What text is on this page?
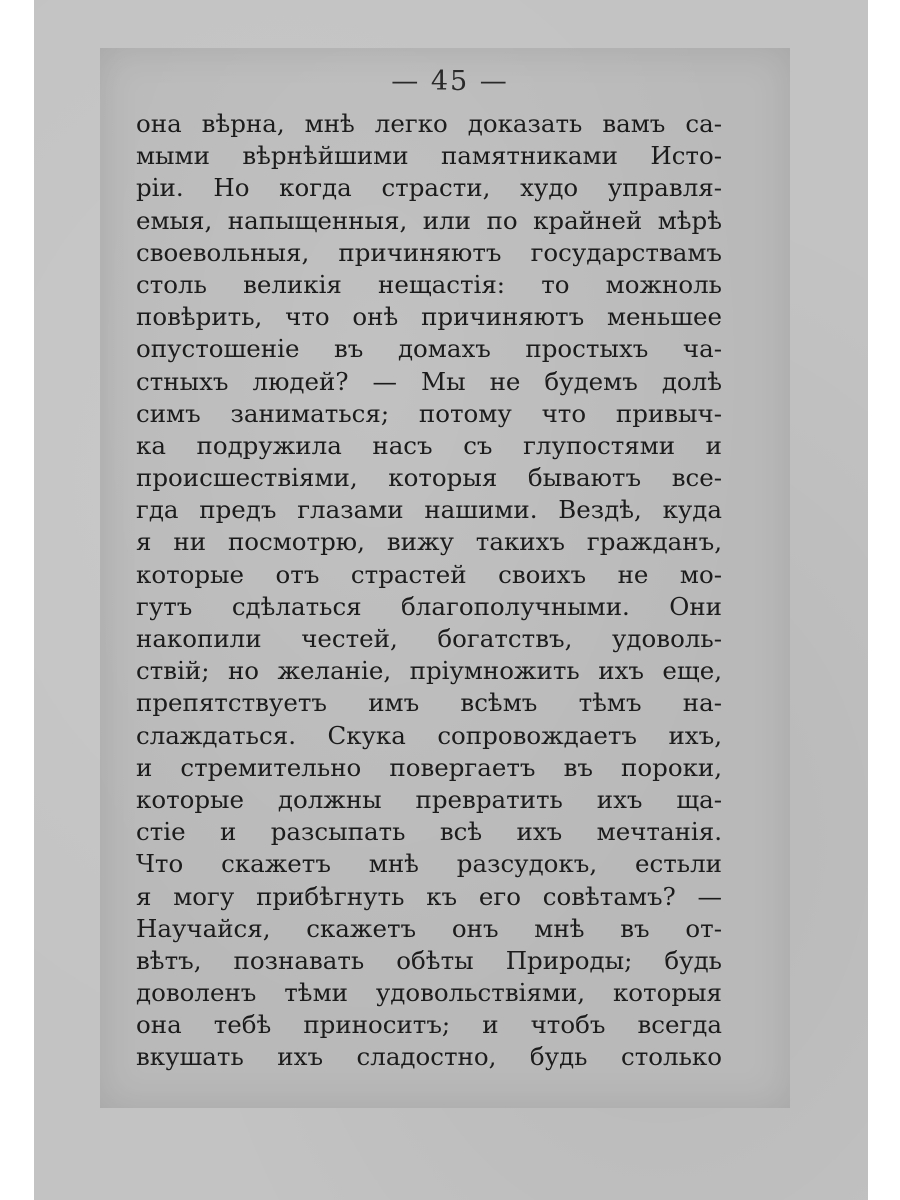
— 45 —
она вѣрна, мнѣ легко доказать вамъ са-
мыми вѣрнѣйшими памятниками Исто-
рiи. Но когда страсти, худо управля-
емыя, напыщенныя, или по крайней мѣрѣ
своевольныя, причиняютъ государствамъ
столь великiя нещастiя: то можноль
повѣрить, что онѣ причиняютъ меньшее
опустошенiе въ домахъ простыхъ ча-
стныхъ людей? — Мы не будемъ долѣ
симъ заниматься; потому что привыч-
ка подружила насъ съ глупостями и
происшествiями, которыя бываютъ все-
гда предъ глазами нашими. Вездѣ, куда
я ни посмотрю, вижу такихъ гражданъ,
которые отъ страстей своихъ не мо-
гутъ сдѣлаться благополучными. Они
накопили честей, богатствъ, удоволь-
ствiй; но желанiе, прiумножить ихъ еще,
препятствуетъ имъ всѣмъ тѣмъ на-
слаждаться. Скука сопровождаетъ ихъ,
и стремительно повергаетъ въ пороки,
которые должны превратить ихъ ща-
стiе и разсыпать всѣ ихъ мечтанiя.
Что скажетъ мнѣ разсудокъ, естьли
я могу прибѣгнуть къ его совѣтамъ? —
Научайся, скажетъ онъ мнѣ въ от-
вѣтъ, познавать обѣты Природы; будь
доволенъ тѣми удовольствiями, которыя
она тебѣ приноситъ; и чтобъ всегда
вкушать ихъ сладостно, будь столько
